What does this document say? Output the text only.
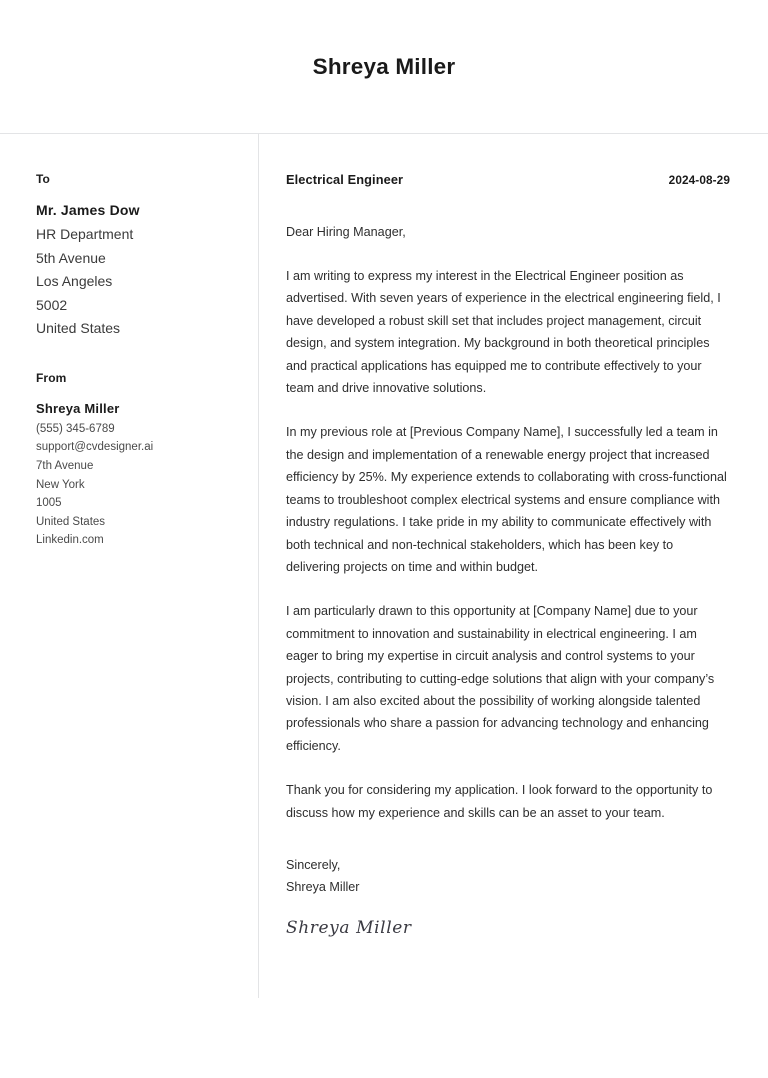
Shreya Miller
To
Mr. James Dow
HR Department
5th Avenue
Los Angeles
5002
United States
From
Shreya Miller
(555) 345-6789
support@cvdesigner.ai
7th Avenue
New York
1005
United States
Linkedin.com
Electrical Engineer	2024-08-29
Dear Hiring Manager,

I am writing to express my interest in the Electrical Engineer position as advertised. With seven years of experience in the electrical engineering field, I have developed a robust skill set that includes project management, circuit design, and system integration. My background in both theoretical principles and practical applications has equipped me to contribute effectively to your team and drive innovative solutions.

In my previous role at [Previous Company Name], I successfully led a team in the design and implementation of a renewable energy project that increased efficiency by 25%. My experience extends to collaborating with cross-functional teams to troubleshoot complex electrical systems and ensure compliance with industry regulations. I take pride in my ability to communicate effectively with both technical and non-technical stakeholders, which has been key to delivering projects on time and within budget.

I am particularly drawn to this opportunity at [Company Name] due to your commitment to innovation and sustainability in electrical engineering. I am eager to bring my expertise in circuit analysis and control systems to your projects, contributing to cutting-edge solutions that align with your company’s vision. I am also excited about the possibility of working alongside talented professionals who share a passion for advancing technology and enhancing efficiency.

Thank you for considering my application. I look forward to the opportunity to discuss how my experience and skills can be an asset to your team.

Sincerely,
Shreya Miller
Shreya Miller
